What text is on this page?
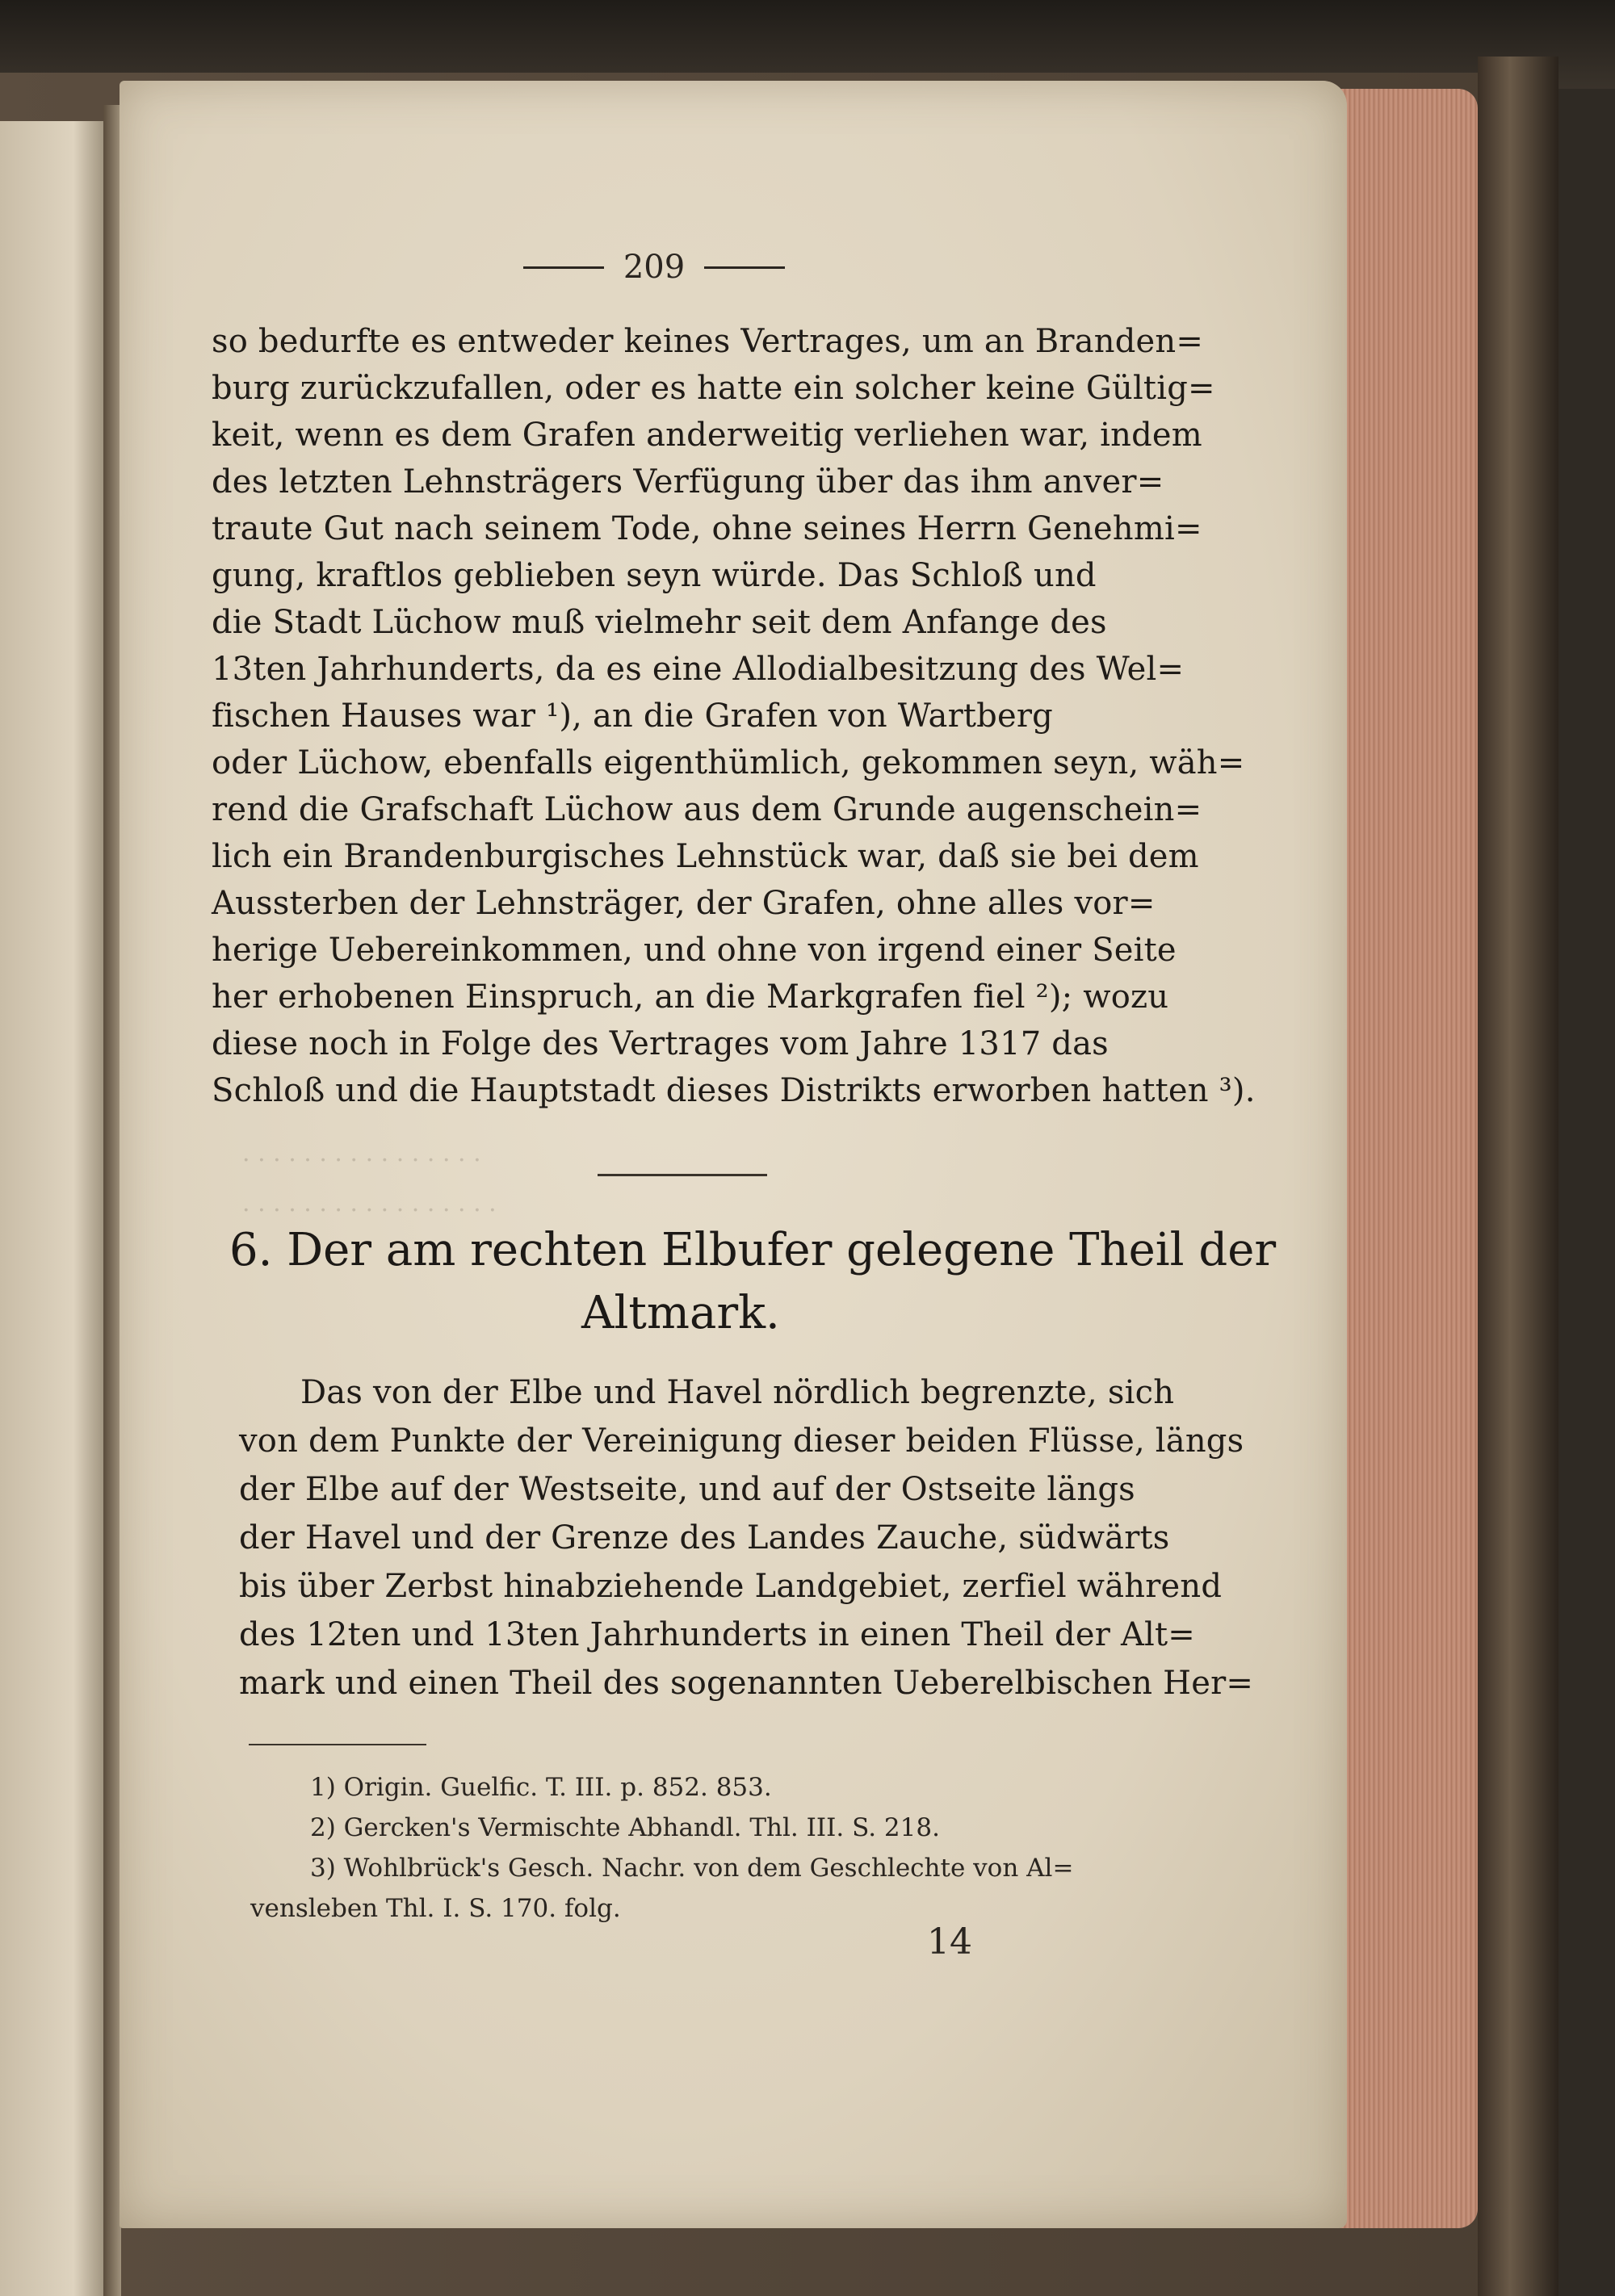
209
so bedurfte es entweder keines Vertrages, um an Branden=
burg zurückzufallen, oder es hatte ein solcher keine Gültig=
keit, wenn es dem Grafen anderweitig verliehen war, indem
des letzten Lehnsträgers Verfügung über das ihm anver=
traute Gut nach seinem Tode, ohne seines Herrn Genehmi=
gung, kraftlos geblieben seyn würde. Das Schloß und
die Stadt Lüchow muß vielmehr seit dem Anfange des
13ten Jahrhunderts, da es eine Allodialbesitzung des Wel=
fischen Hauses war ¹), an die Grafen von Wartberg
oder Lüchow, ebenfalls eigenthümlich, gekommen seyn, wäh=
rend die Grafschaft Lüchow aus dem Grunde augenschein=
lich ein Brandenburgisches Lehnstück war, daß sie bei dem
Aussterben der Lehnsträger, der Grafen, ohne alles vor=
herige Uebereinkommen, und ohne von irgend einer Seite
her erhobenen Einspruch, an die Markgrafen fiel ²); wozu
diese noch in Folge des Vertrages vom Jahre 1317 das
Schloß und die Hauptstadt dieses Distrikts erworben hatten ³).
· · · · · · · · · · · · · · · ·
· · · · · · · · · · · · · · · · ·
6. Der am rechten Elbufer gelegene Theil der
Altmark.
Das von der Elbe und Havel nördlich begrenzte, sich
von dem Punkte der Vereinigung dieser beiden Flüsse, längs
der Elbe auf der Westseite, und auf der Ostseite längs
der Havel und der Grenze des Landes Zauche, südwärts
bis über Zerbst hinabziehende Landgebiet, zerfiel während
des 12ten und 13ten Jahrhunderts in einen Theil der Alt=
mark und einen Theil des sogenannten Ueberelbischen Her=
1) Origin. Guelfic. T. III. p. 852. 853.
2) Gercken's Vermischte Abhandl. Thl. III. S. 218.
3) Wohlbrück's Gesch. Nachr. von dem Geschlechte von Al=
vensleben Thl. I. S. 170. folg.
14
